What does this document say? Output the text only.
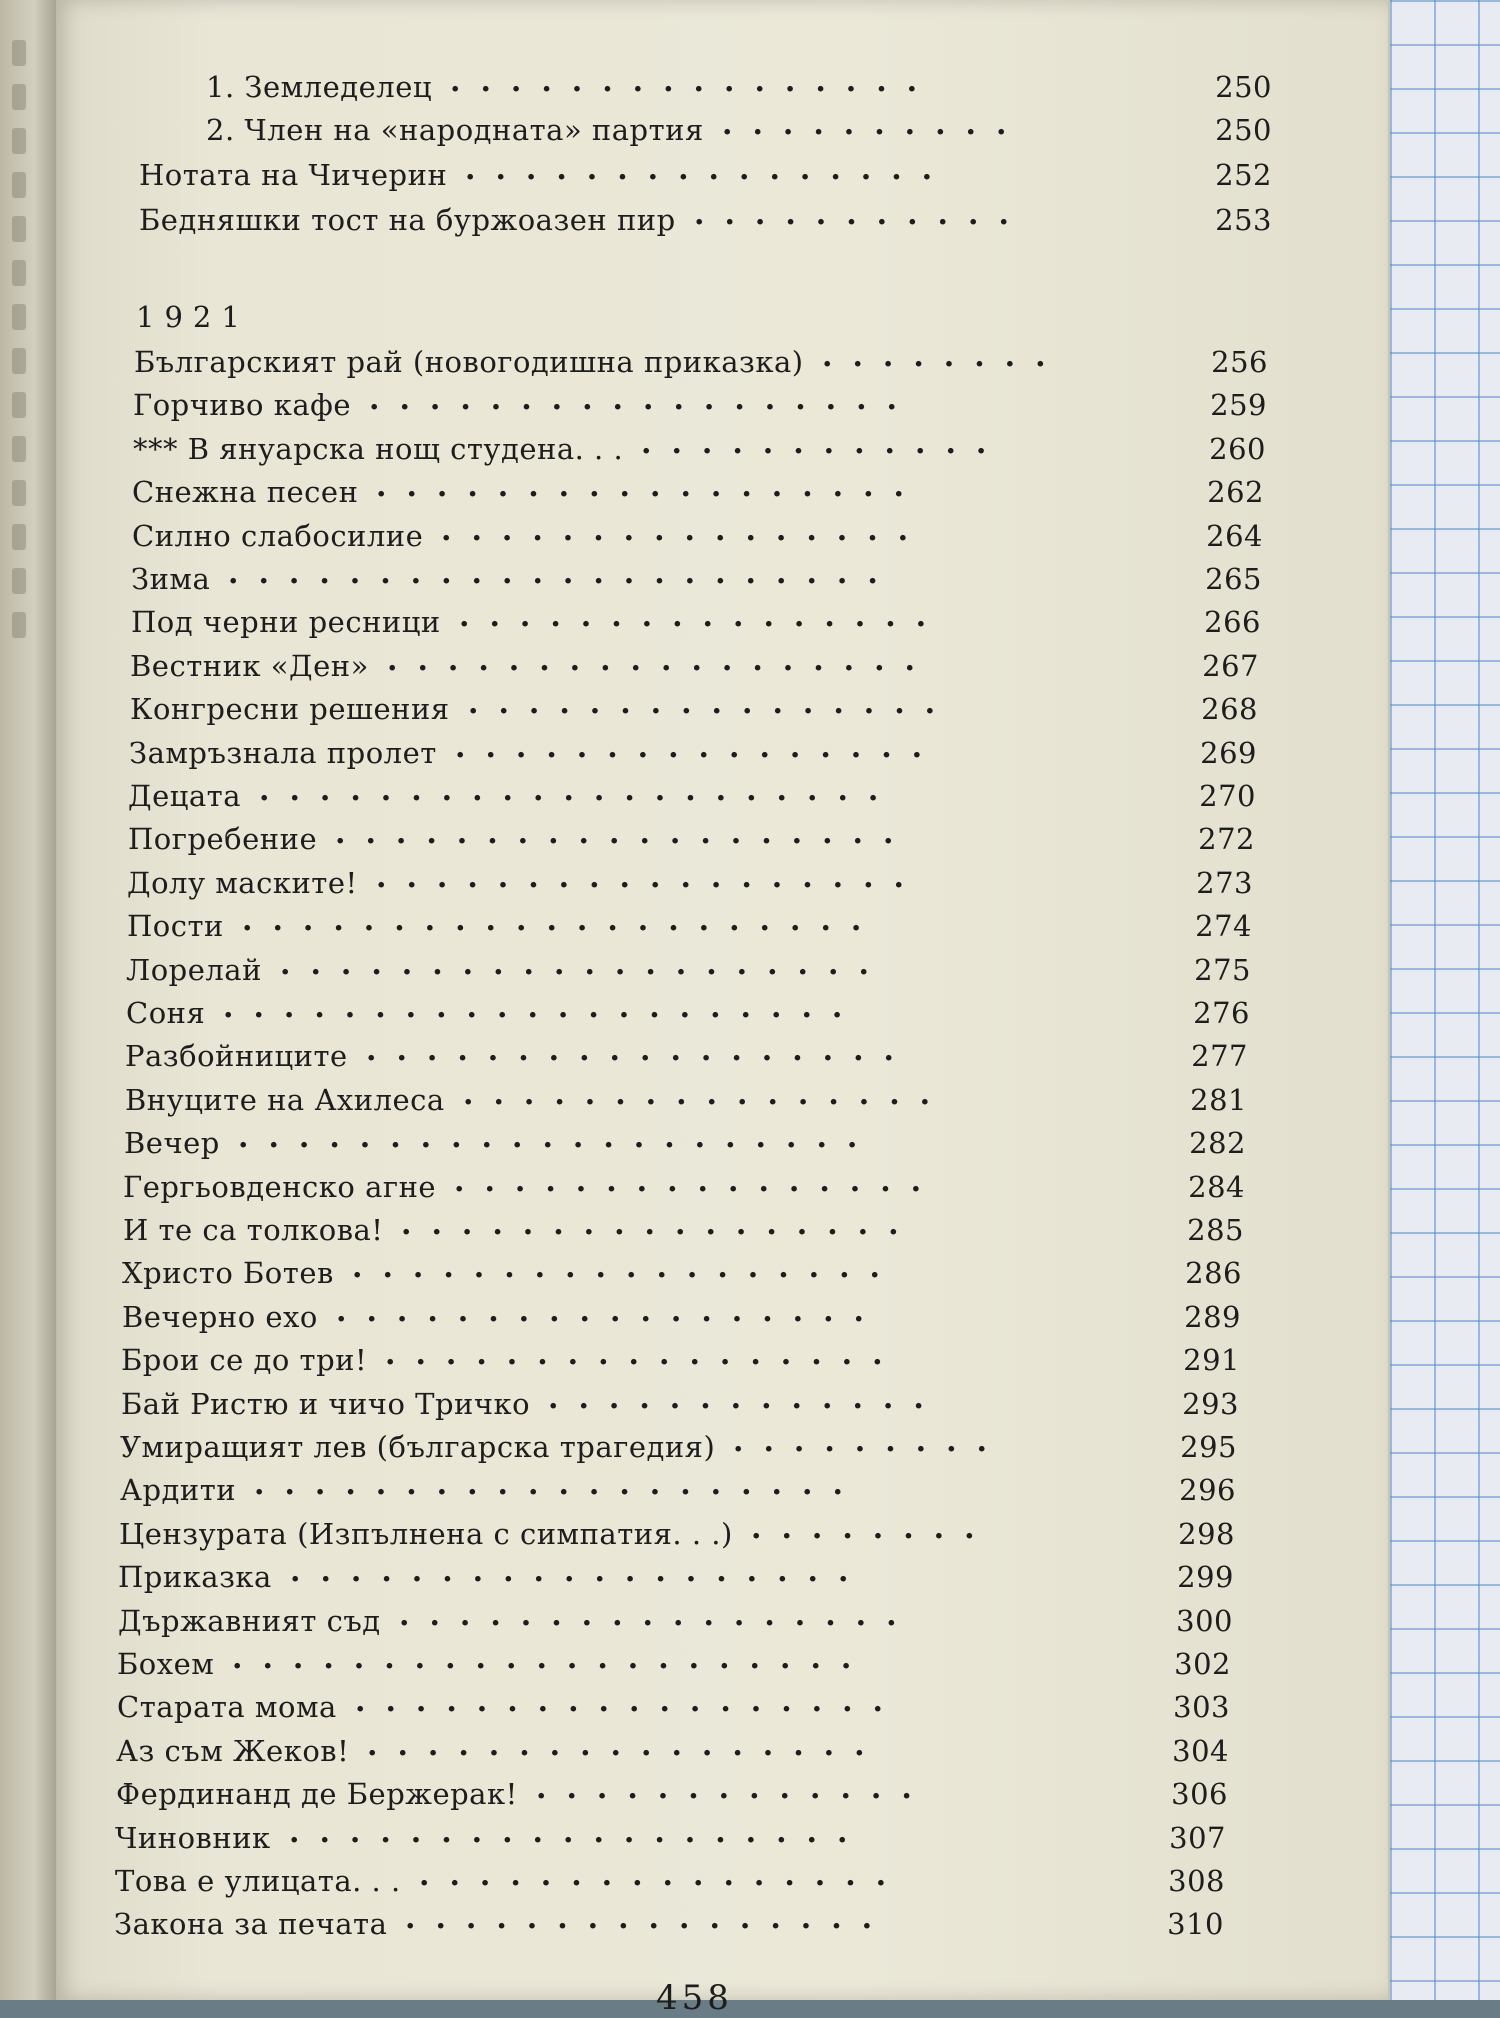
1921
1. Земледелец ................	250
2. Член на «народната» партия ..........	250
Нотата на Чичерин ................	252
Бедняшки тост на буржоазен пир ...........	253
Българският рай (новогодишна приказка) ........	256
Горчиво кафе ..................	259
*** В януарска нощ студена. . . ............	260
Снежна песен ..................	262
Силно слабосилие ................	264
Зима ......................	265
Под черни ресници ................	266
Вестник «Ден» ..................	267
Конгресни решения ................	268
Замръзнала пролет ................	269
Децата .....................	270
Погребение ...................	272
Долу маските! ..................	273
Пости .....................	274
Лорелай ....................	275
Соня .....................	276
Разбойниците ..................	277
Внуците на Ахилеса ................	281
Вечер .....................	282
Гергьовденско агне ................	284
И те са толкова! .................	285
Христо Ботев ..................	286
Вечерно ехо ..................	289
Брои се до три! .................	291
Бай Ристю и чичо Тричко .............	293
Умиращият лев (българска трагедия) .........	295
Ардити ....................	296
Цензурата (Изпълнена с симпатия. . .) ........	298
Приказка ...................	299
Държавният съд .................	300
Бохем .....................	302
Старата мома ..................	303
Аз съм Жеков! .................	304
Фердинанд де Бержерак! .............	306
Чиновник ...................	307
Това е улицата. . . ................	308
Закона за печата ................	310
458
